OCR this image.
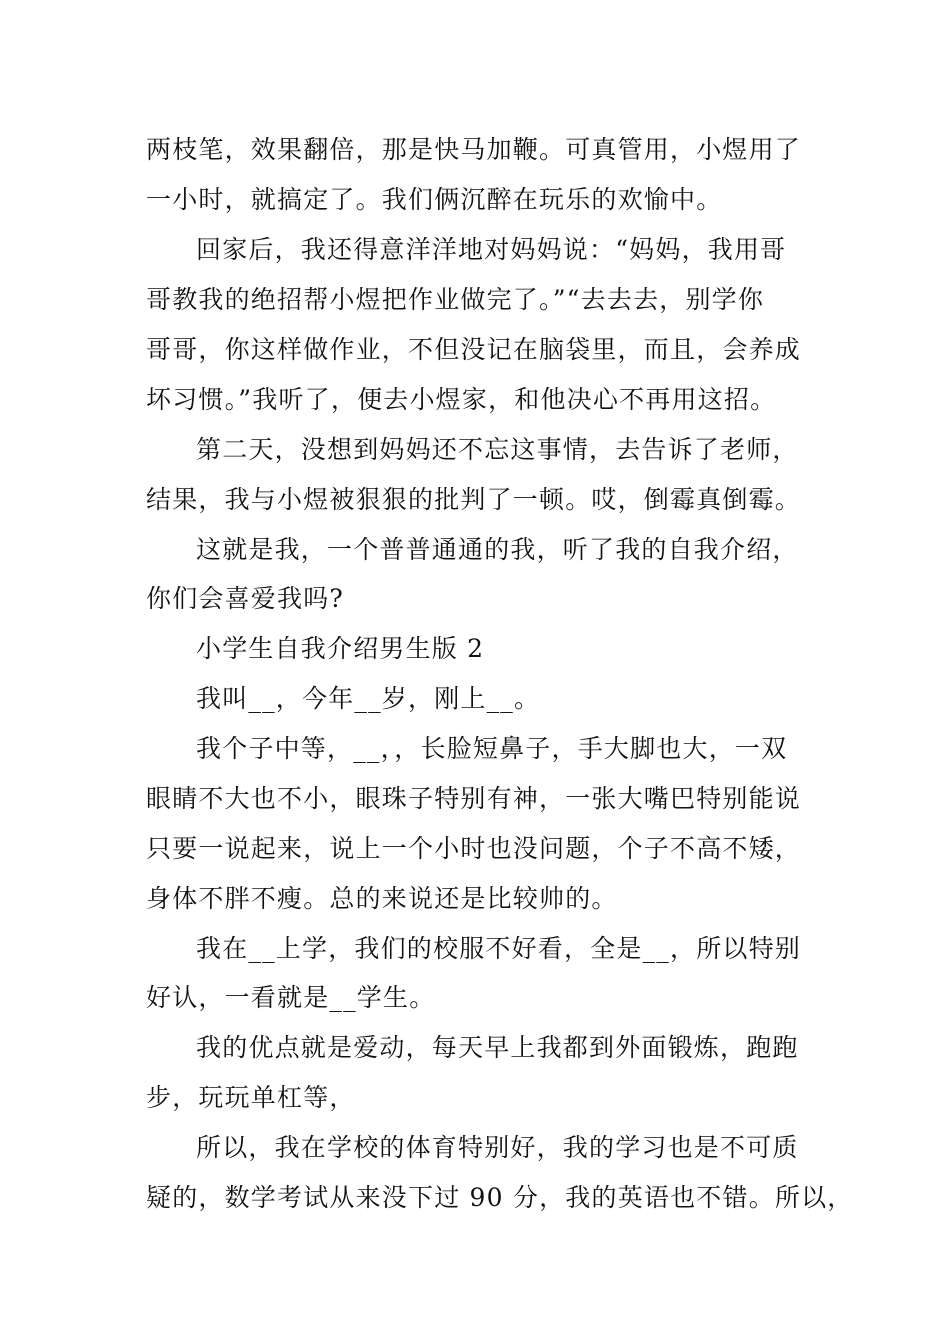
两枝笔，效果翻倍，那是快马加鞭。可真管用，小煜用了
一小时，就搞定了。我们俩沉醉在玩乐的欢愉中。
回家后，我还得意洋洋地对妈妈说：“妈妈，我用哥
哥教我的绝招帮小煜把作业做完了。”“去去去，别学你
哥哥，你这样做作业，不但没记在脑袋里，而且，会养成
坏习惯。”我听了，便去小煜家，和他决心不再用这招。
第二天，没想到妈妈还不忘这事情，去告诉了老师，
结果，我与小煜被狠狠的批判了一顿。哎，倒霉真倒霉。
这就是我，一个普普通通的我，听了我的自我介绍，
你们会喜爱我吗?
小学生自我介绍男生版 2
我叫__，今年__岁，刚上__。
我个子中等，__，，长脸短鼻子，手大脚也大，一双
眼睛不大也不小，眼珠子特别有神，一张大嘴巴特别能说
只要一说起来，说上一个小时也没问题，个子不高不矮，
身体不胖不瘦。总的来说还是比较帅的。
我在__上学，我们的校服不好看，全是__，所以特别
好认，一看就是__学生。
我的优点就是爱动，每天早上我都到外面锻炼，跑跑
步，玩玩单杠等，
所以，我在学校的体育特别好，我的学习也是不可质
疑的，数学考试从来没下过 90 分，我的英语也不错。所以，
